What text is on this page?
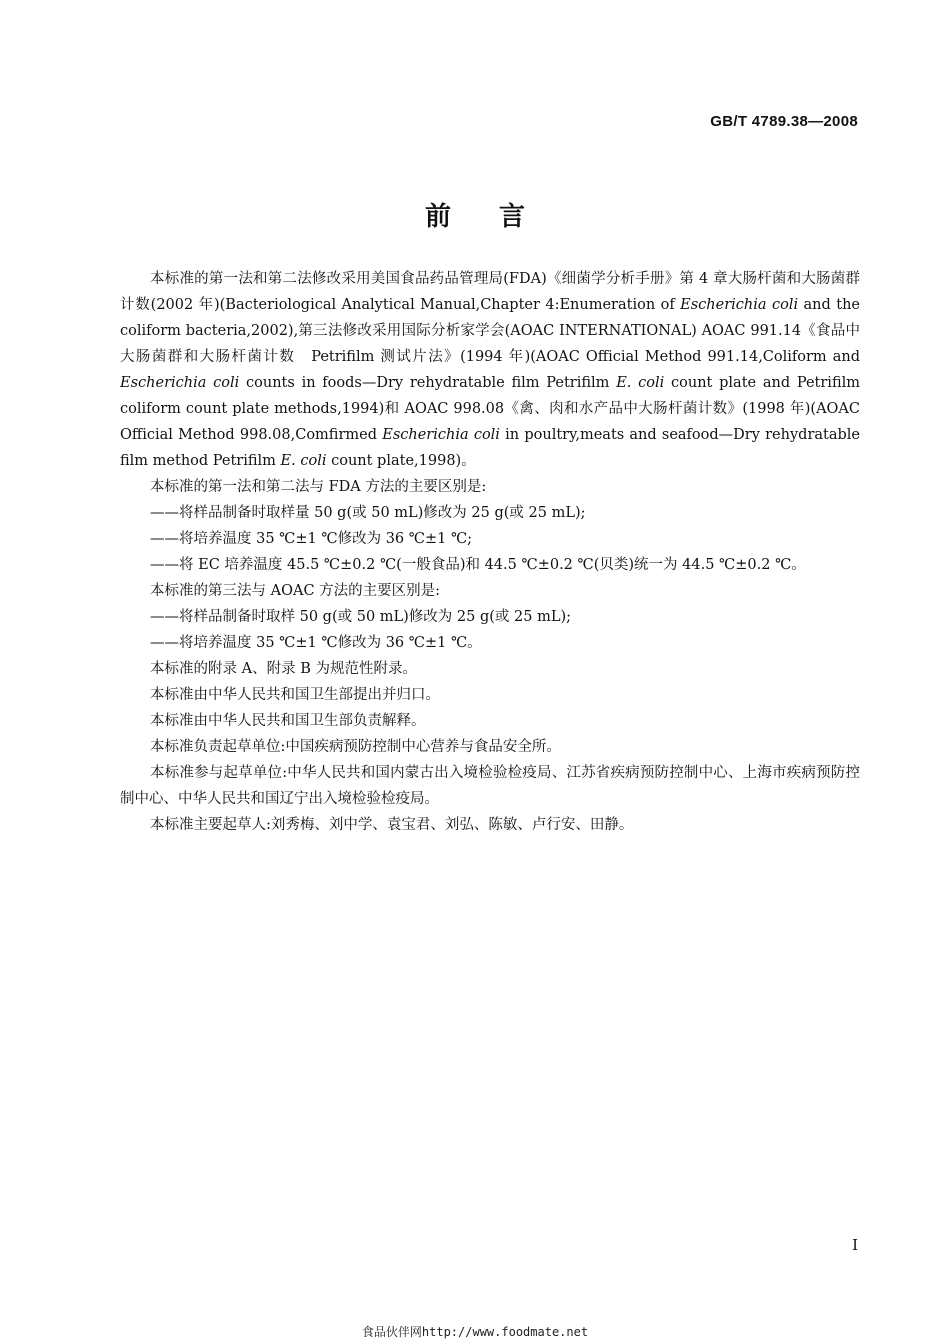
GB/T 4789.38—2008
前言

本标准的第一法和第二法修改采用美国食品药品管理局(FDA)《细菌学分析手册》第 4 章大肠杆菌和大肠菌群计数(2002 年)(Bacteriological Analytical Manual,Chapter 4:Enumeration of Escherichia coli and the coliform bacteria,2002),第三法修改采用国际分析家学会(AOAC INTERNATIONAL) AOAC 991.14《食品中大肠菌群和大肠杆菌计数　Petrifilm 测试片法》(1994 年)(AOAC Official Method 991.14,Coliform and Escherichia coli counts in foods—Dry rehydratable film Petrifilm E. coli count plate and Petrifilm coliform count plate methods,1994)和 AOAC 998.08《禽、肉和水产品中大肠杆菌计数》(1998 年)(AOAC Official Method 998.08,Comfirmed Escherichia coli in poultry,meats and seafood—Dry rehydratable film method Petrifilm E. coli count plate,1998)。

本标准的第一法和第二法与 FDA 方法的主要区别是:

——将样品制备时取样量 50 g(或 50 mL)修改为 25 g(或 25 mL);

——将培养温度 35 ℃±1 ℃修改为 36 ℃±1 ℃;

——将 EC 培养温度 45.5 ℃±0.2 ℃(一般食品)和 44.5 ℃±0.2 ℃(贝类)统一为 44.5 ℃±0.2 ℃。

本标准的第三法与 AOAC 方法的主要区别是:

——将样品制备时取样 50 g(或 50 mL)修改为 25 g(或 25 mL);

——将培养温度 35 ℃±1 ℃修改为 36 ℃±1 ℃。

本标准的附录 A、附录 B 为规范性附录。

本标准由中华人民共和国卫生部提出并归口。

本标准由中华人民共和国卫生部负责解释。

本标准负责起草单位:中国疾病预防控制中心营养与食品安全所。

本标准参与起草单位:中华人民共和国内蒙古出入境检验检疫局、江苏省疾病预防控制中心、上海市疾病预防控制中心、中华人民共和国辽宁出入境检验检疫局。

本标准主要起草人:刘秀梅、刘中学、袁宝君、刘弘、陈敏、卢行安、田静。

I
食品伙伴网http://www.foodmate.net
